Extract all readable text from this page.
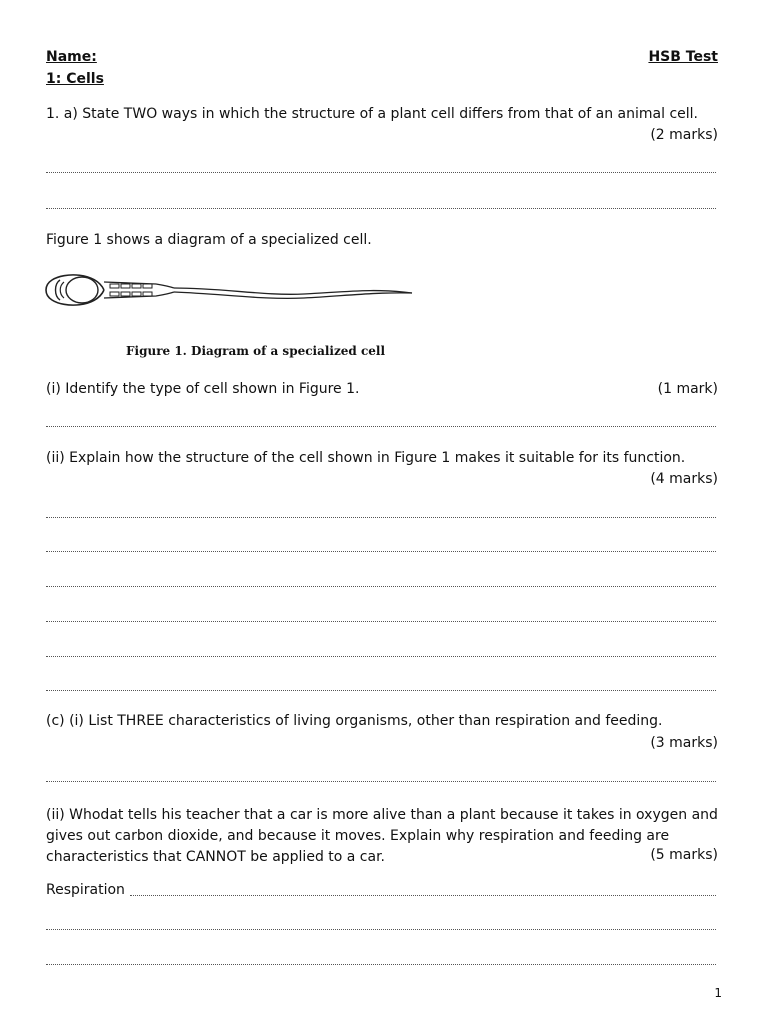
Name:	HSB Test
1: Cells
1. a) State TWO ways in which the structure of a plant cell differs from that of an animal cell.
(2 marks)
Figure 1 shows a diagram of a specialized cell.
Figure 1. Diagram of a specialized cell
(i) Identify the type of cell shown in Figure 1.	(1 mark)
(ii) Explain how the structure of the cell shown in Figure 1 makes it suitable for its function.
(4 marks)
(c) (i) List THREE characteristics of living organisms, other than respiration and feeding.
(3 marks)

(ii) Whodat tells his teacher that a car is more alive than a plant because it takes in oxygen and

gives out carbon dioxide, and because it moves. Explain why respiration and feeding are

characteristics that CANNOT be applied to a car.	(5 marks)
Respiration
1
